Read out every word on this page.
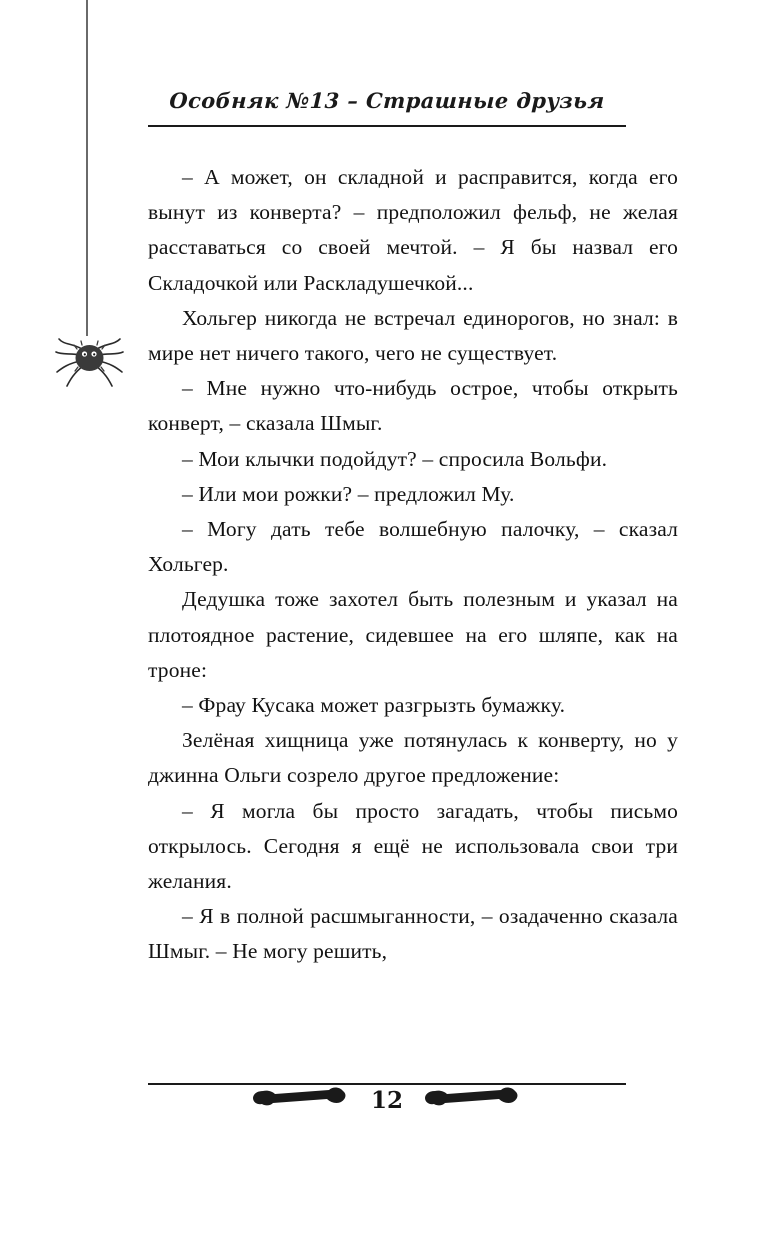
Особняк №13 – Страшные друзья

– А может, он складной и расправится, когда его вынут из конверта? – предположил фельф, не желая расставаться со своей мечтой. – Я бы назвал его Складочкой или Раскладушечкой...

Хольгер никогда не встречал единорогов, но знал: в мире нет ничего такого, чего не существует.

– Мне нужно что-нибудь острое, чтобы открыть конверт, – сказала Шмыг.

– Мои клычки подойдут? – спросила Вольфи.

– Или мои рожки? – предложил Му.

– Могу дать тебе волшебную палочку, – сказал Хольгер.

Дедушка тоже захотел быть полезным и указал на плотоядное растение, сидевшее на его шляпе, как на троне:

– Фрау Кусака может разгрызть бумажку.

Зелёная хищница уже потянулась к конверту, но у джинна Ольги созрело другое предложение:

– Я могла бы просто загадать, чтобы письмо открылось. Сегодня я ещё не использовала свои три желания.

– Я в полной расшмыганности, – озадаченно сказала Шмыг. – Не могу решить,

12
